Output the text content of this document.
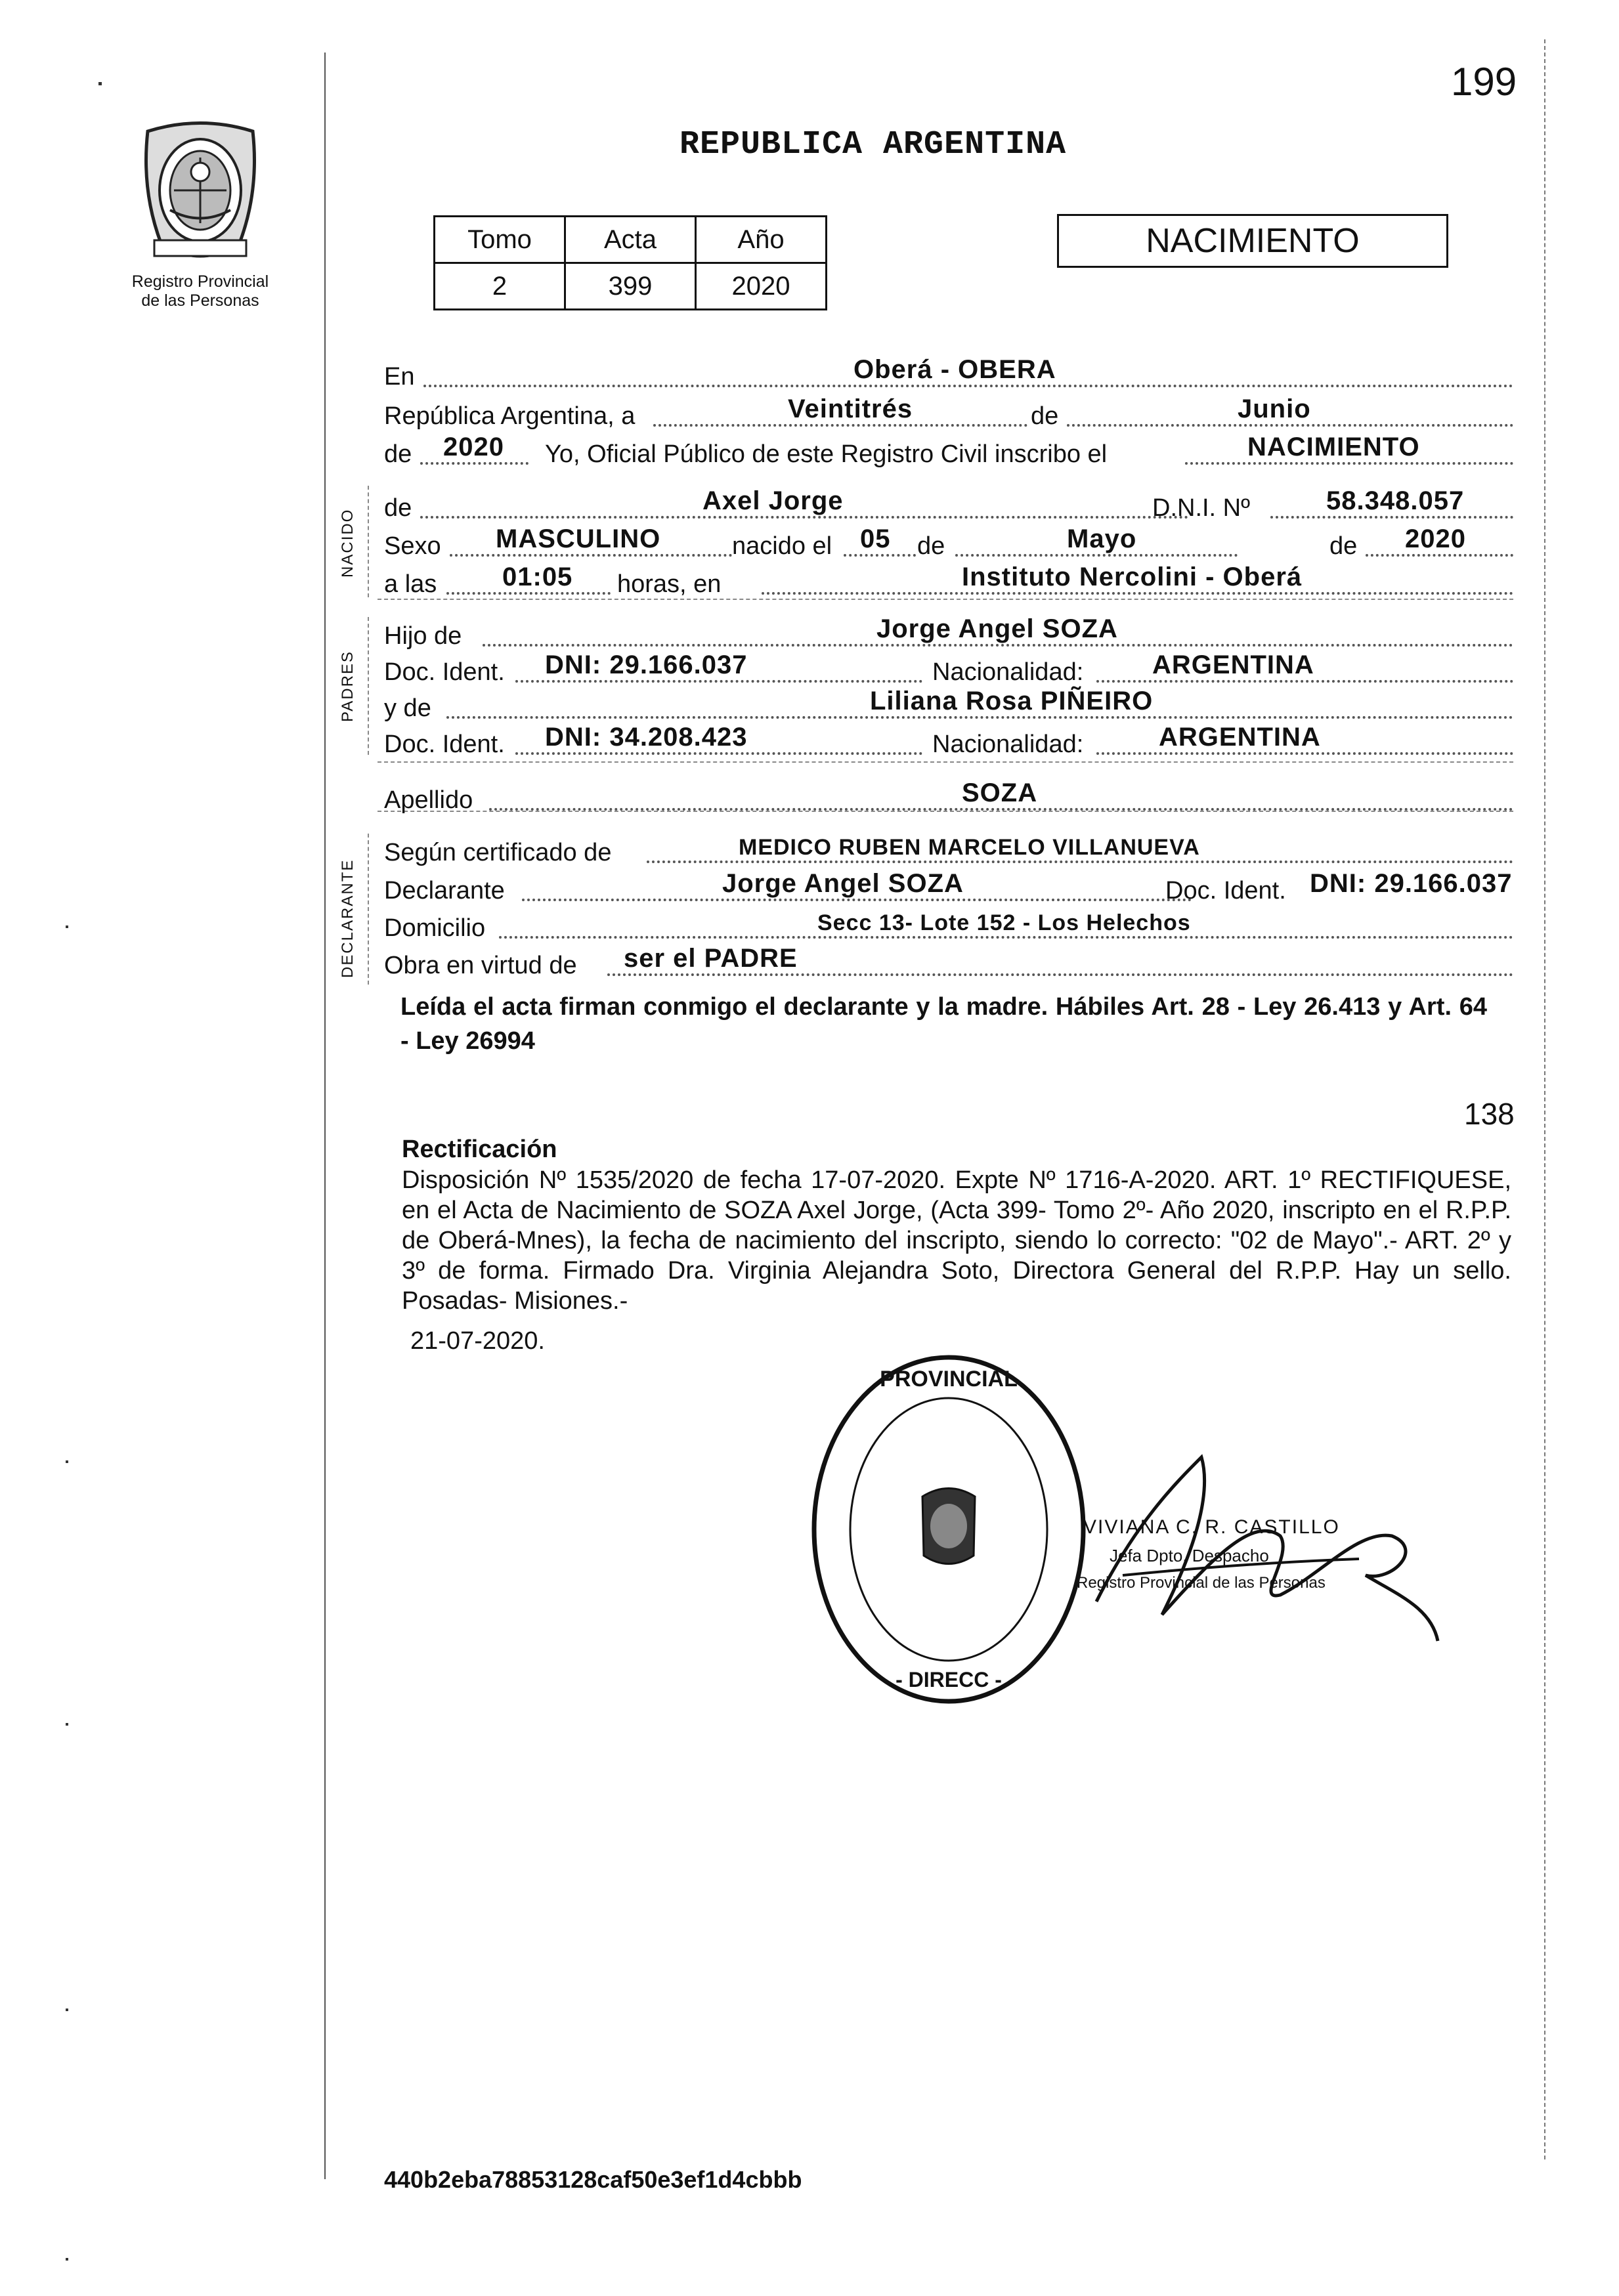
199
Registro Provincial
de las Personas
REPUBLICA ARGENTINA
Tomo	Acta	Año
2	399	2020
NACIMIENTO
NACIDO
PADRES
DECLARANTE
En	Oberá - OBERA
República Argentina, a	Veintitrés	de	Junio
de 2020 Yo, Oficial Público de este Registro Civil inscribo el	NACIMIENTO
de	Axel Jorge	D.N.I. Nº	58.348.057
Sexo MASCULINO	nacido el 05 de	Mayo	de 2020
a las 01:05 horas, en	Instituto Nercolini - Oberá
Hijo de	Jorge Angel SOZA
Doc. Ident. DNI: 29.166.037	Nacionalidad:	ARGENTINA
y de	Liliana Rosa PIÑEIRO
Doc. Ident. DNI: 34.208.423	Nacionalidad:	ARGENTINA
Apellido	SOZA
Según certificado de	MEDICO RUBEN MARCELO VILLANUEVA
Declarante	Jorge Angel SOZA	Doc. Ident. DNI: 29.166.037
Domicilio	Secc 13- Lote 152 - Los Helechos
Obra en virtud de ser el PADRE
Leída el acta firman conmigo el declarante y la madre. Hábiles Art. 28 - Ley 26.413 y Art. 64 - Ley 26994
138
Rectificación
Disposición Nº 1535/2020 de fecha 17-07-2020. Expte Nº 1716-A-2020. ART. 1º RECTIFIQUESE, en el Acta de Nacimiento de SOZA Axel Jorge, (Acta 399- Tomo 2º- Año 2020, inscripto en el R.P.P. de Oberá-Mnes), la fecha de nacimiento del inscripto, siendo lo correcto: "02 de Mayo".- ART. 2º y 3º de forma. Firmado Dra. Virginia Alejandra Soto, Directora General del R.P.P. Hay un sello. Posadas- Misiones.-
21-07-2020.
PROVINCIAL
- DIRECC -
VIVIANA C. R. CASTILLO
Jefa Dpto. Despacho
Registro Provincial de las Personas
440b2eba78853128caf50e3ef1d4cbbb
